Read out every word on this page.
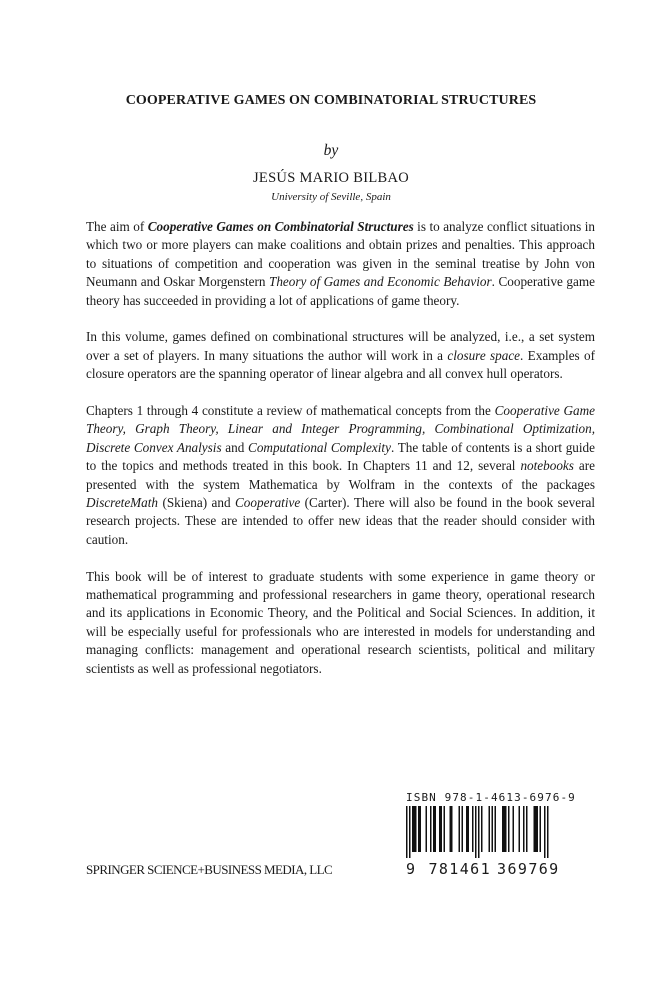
COOPERATIVE GAMES ON COMBINATORIAL STRUCTURES
by
JESÚS MARIO BILBAO
University of Seville, Spain

The aim of Cooperative Games on Combinatorial Structures is to analyze conflict situations in which two or more players can make coalitions and obtain prizes and penalties. This approach to situations of competition and cooperation was given in the seminal treatise by John von Neumann and Oskar Morgenstern Theory of Games and Economic Behavior. Cooperative game theory has succeeded in providing a lot of applications of game theory.

In this volume, games defined on combinational structures will be analyzed, i.e., a set system over a set of players. In many situations the author will work in a closure space. Examples of closure operators are the spanning operator of linear algebra and all convex hull operators.

Chapters 1 through 4 constitute a review of mathematical concepts from the Cooperative Game Theory, Graph Theory, Linear and Integer Programming, Combinational Optimization, Discrete Convex Analysis and Computational Complexity. The table of contents is a short guide to the topics and methods treated in this book. In Chapters 11 and 12, several notebooks are presented with the system Mathematica by Wolfram in the contexts of the packages DiscreteMath (Skiena) and Cooperative (Carter). There will also be found in the book several research projects. These are intended to offer new ideas that the reader should consider with caution.

This book will be of interest to graduate students with some experience in game theory or mathematical programming and professional researchers in game theory, operational research and its applications in Economic Theory, and the Political and Social Sciences. In addition, it will be especially useful for professionals who are interested in models for understanding and managing conflicts: management and operational research scientists, political and military scientists as well as professional negotiators.

SPRINGER SCIENCE+BUSINESS MEDIA, LLC
ISBN 978-1-4613-6976-9
9 781461 369769
